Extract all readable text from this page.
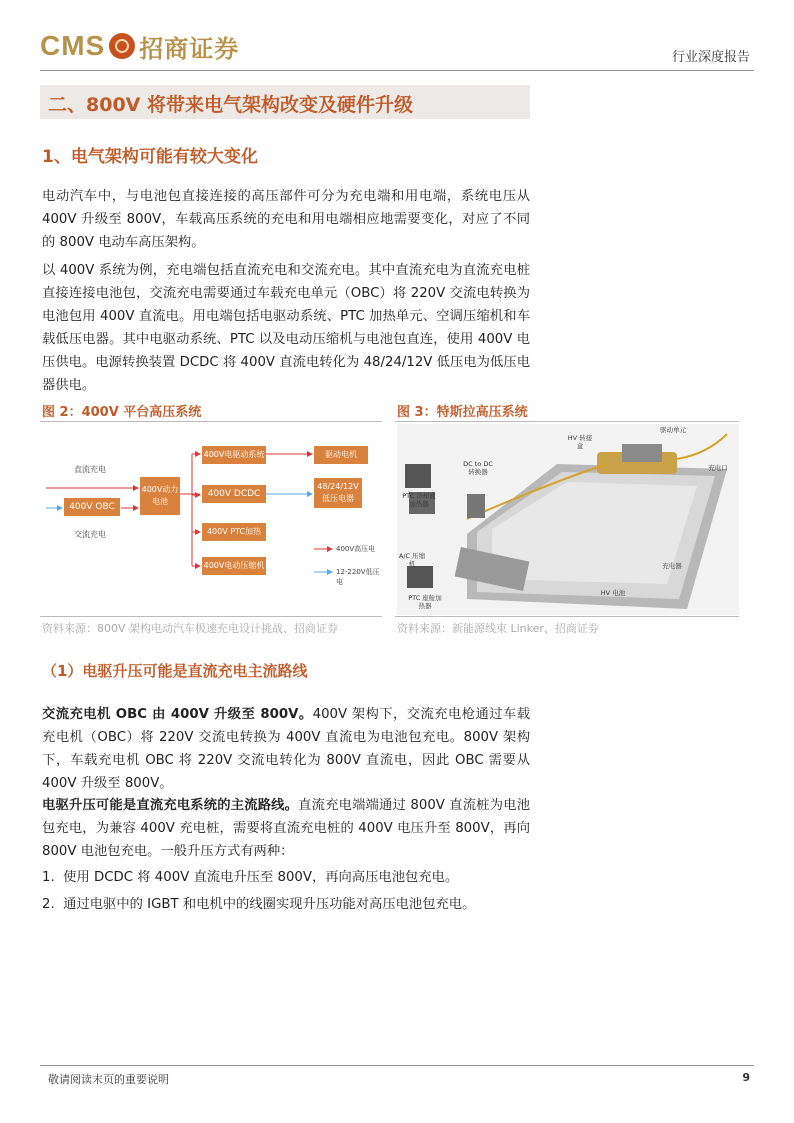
CMS 招商证券	行业深度报告
二、800V 将带来电气架构改变及硬件升级
1、电气架构可能有较大变化
电动汽车中，与电池包直接连接的高压部件可分为充电端和用电端，系统电压从 400V 升级至 800V，车载高压系统的充电和用电端相应地需要变化，对应了不同的 800V 电动车高压架构。
以 400V 系统为例，充电端包括直流充电和交流充电。其中直流充电为直流充电桩直接连接电池包，交流充电需要通过车载充电单元（OBC）将 220V 交流电转换为电池包用 400V 直流电。用电端包括电驱动系统、PTC 加热单元、空调压缩机和车载低压电器。其中电驱动系统、PTC 以及电动压缩机与电池包直连，使用 400V 电压供电。电源转换装置 DCDC 将 400V 直流电转化为 48/24/12V 低压电为低压电器供电。
图 2：400V 平台高压系统
直流充电
交流充电
400V OBC
400V动力电池
400V电驱动系统
400V DCDC
400V PTC加热
400V电动压缩机
驱动电机
48/24/12V低压电器
400V高压电
12-220V低压电
资料来源：800V 架构电动汽车极速充电设计挑战、招商证券
图 3：特斯拉高压系统
HV 转接盒
驱动单元
充电口
DC to DC 转换器
PTC 冷却液加热器
A/C 压缩机
PTC 座舱加热器
充电器
HV 电池
资料来源：新能源线束 Linker、招商证券
（1）电驱升压可能是直流充电主流路线
交流充电机 OBC 由 400V 升级至 800V。400V 架构下，交流充电枪通过车载充电机（OBC）将 220V 交流电转换为 400V 直流电为电池包充电。800V 架构下，车载充电机 OBC 将 220V 交流电转化为 800V 直流电，因此 OBC 需要从 400V 升级至 800V。
电驱升压可能是直流充电系统的主流路线。直流充电端端通过 800V 直流桩为电池包充电，为兼容 400V 充电桩，需要将直流充电桩的 400V 电压升至 800V，再向 800V 电池包充电。一般升压方式有两种：
1. 使用 DCDC 将 400V 直流电升压至 800V，再向高压电池包充电。
2. 通过电驱中的 IGBT 和电机中的线圈实现升压功能对高压电池包充电。
敬请阅读末页的重要说明	9
